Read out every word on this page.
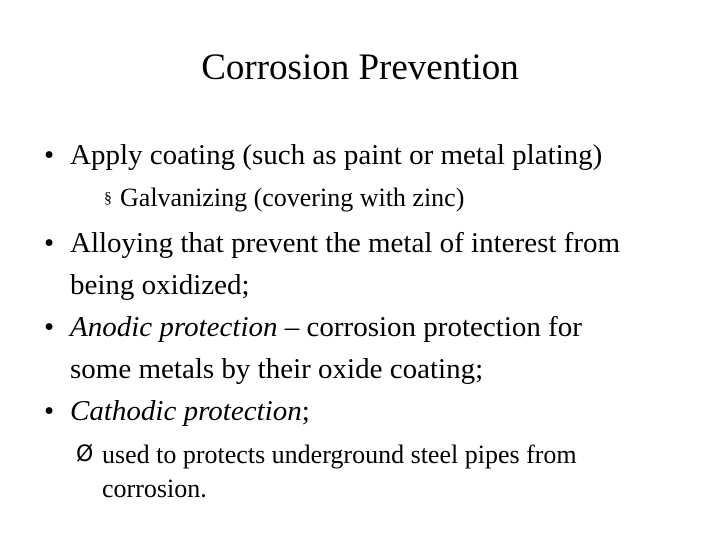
Corrosion Prevention
• Apply coating (such as paint or metal plating)
§ Galvanizing (covering with zinc)
• Alloying that prevent the metal of interest from
being oxidized;
• Anodic protection – corrosion protection for
some metals by their oxide coating;
• Cathodic protection;
Ø used to protects underground steel pipes from
corrosion.
